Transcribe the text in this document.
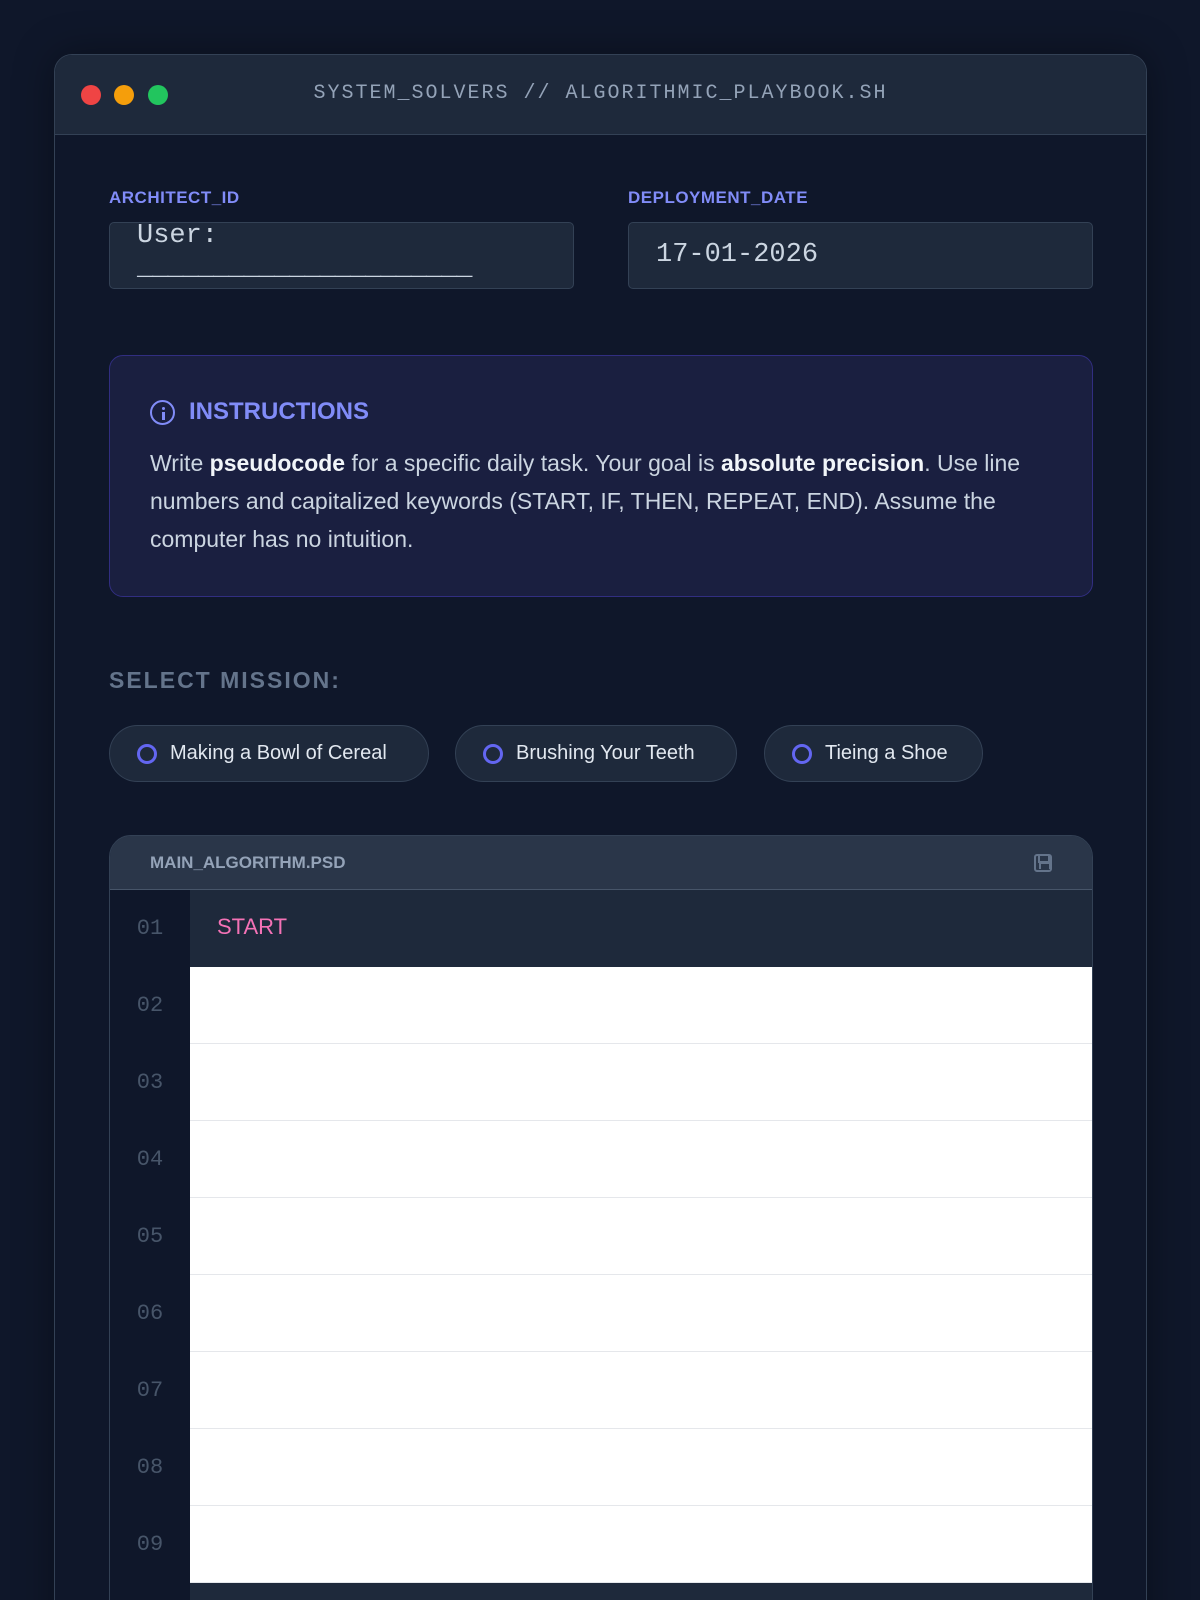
SYSTEM_SOLVERS // ALGORITHMIC_PLAYBOOK.SH
ARCHITECT_ID
User:
______________________
DEPLOYMENT_DATE
17-01-2026
INSTRUCTIONS
Write pseudocode for a specific daily task. Your goal is absolute precision. Use line numbers and capitalized keywords (START, IF, THEN, REPEAT, END). Assume the computer has no intuition.
SELECT MISSION:
Making a Bowl of Cereal	Brushing Your Teeth	Tieing a Shoe
MAIN_ALGORITHM.PSD
01
02
03
04
05
06
07
08
09
START
